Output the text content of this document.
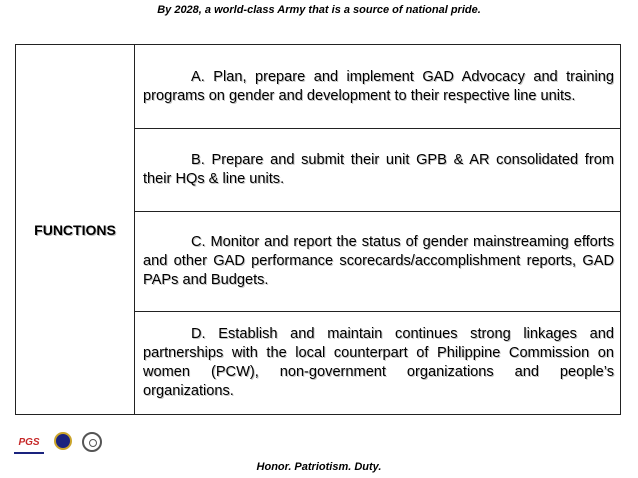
By 2028, a world-class Army that is a source of national pride.
FUNCTIONS

A. Plan, prepare and implement GAD Advocacy and training programs on gender and development to their respective line units.

B. Prepare and submit their unit GPB & AR consolidated from their HQs & line units.

C. Monitor and report the status of gender mainstreaming efforts and other GAD performance scorecards/accomplishment reports, GAD PAPs and Budgets.

D. Establish and maintain continues strong linkages and partnerships with the local counterpart of Philippine Commission on women (PCW), non-government organizations and people’s organizations.

PGS
Honor. Patriotism. Duty.
